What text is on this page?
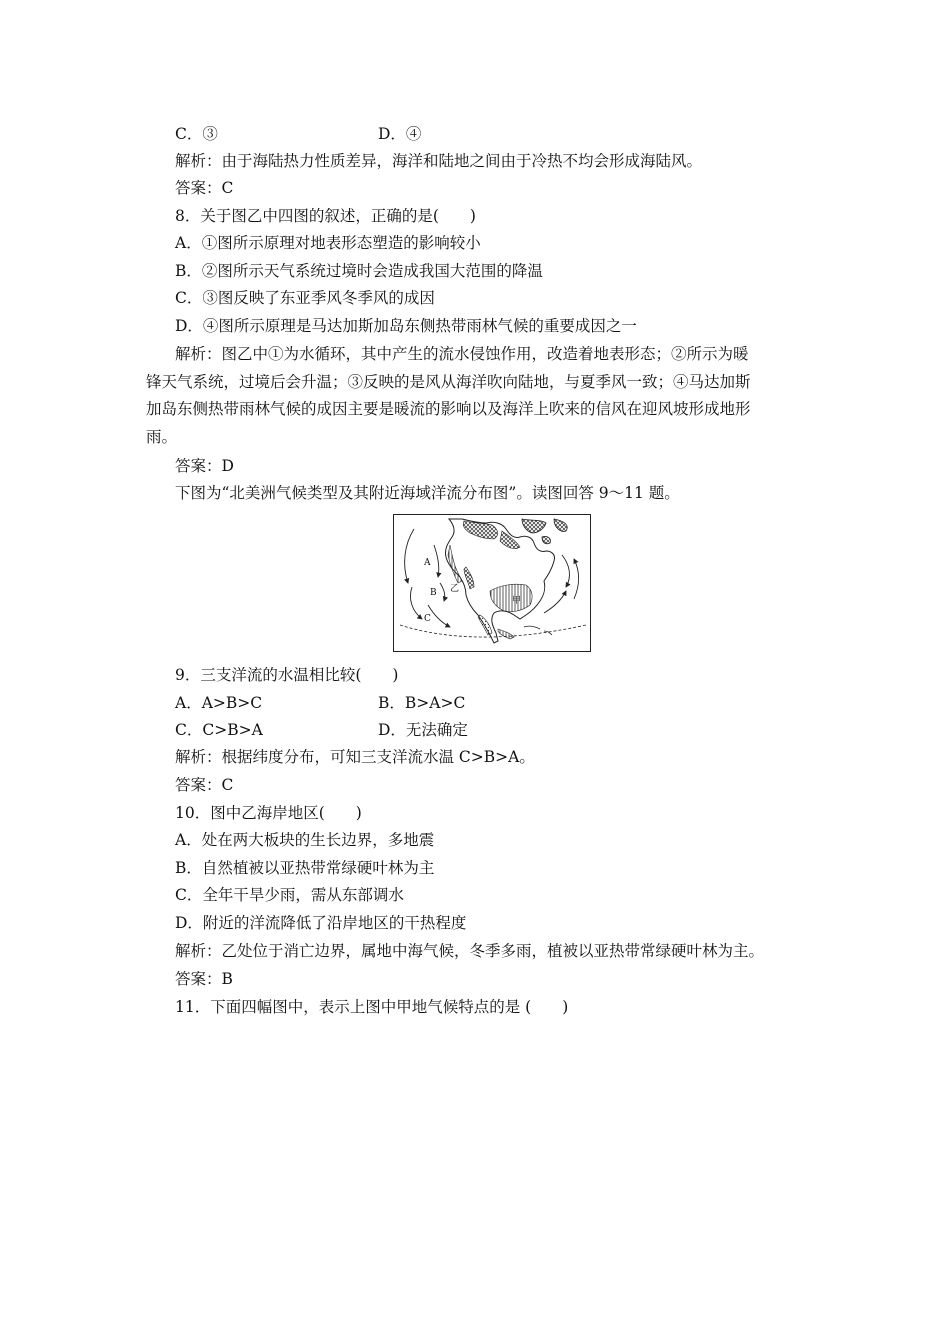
C．③	D．④
解析：由于海陆热力性质差异，海洋和陆地之间由于冷热不均会形成海陆风。
答案：C
8．关于图乙中四图的叙述，正确的是(　　)
A．①图所示原理对地表形态塑造的影响较小
B．②图所示天气系统过境时会造成我国大范围的降温
C．③图反映了东亚季风冬季风的成因
D．④图所示原理是马达加斯加岛东侧热带雨林气候的重要成因之一
解析：图乙中①为水循环，其中产生的流水侵蚀作用，改造着地表形态；②所示为暖
锋天气系统，过境后会升温；③反映的是风从海洋吹向陆地，与夏季风一致；④马达加斯
加岛东侧热带雨林气候的成因主要是暖流的影响以及海洋上吹来的信风在迎风坡形成地形
雨。
答案：D
下图为“北美洲气候类型及其附近海域洋流分布图”。读图回答 9～11 题。
A
B
C
乙
甲
9．三支洋流的水温相比较(　　)
A．A>B>C	B．B>A>C
C．C>B>A	D．无法确定
解析：根据纬度分布，可知三支洋流水温 C>B>A。
答案：C
10．图中乙海岸地区(　　)
A．处在两大板块的生长边界，多地震
B．自然植被以亚热带常绿硬叶林为主
C．全年干旱少雨，需从东部调水
D．附近的洋流降低了沿岸地区的干热程度
解析：乙处位于消亡边界，属地中海气候，冬季多雨，植被以亚热带常绿硬叶林为主。
答案：B
11．下面四幅图中，表示上图中甲地气候特点的是 (　　)
